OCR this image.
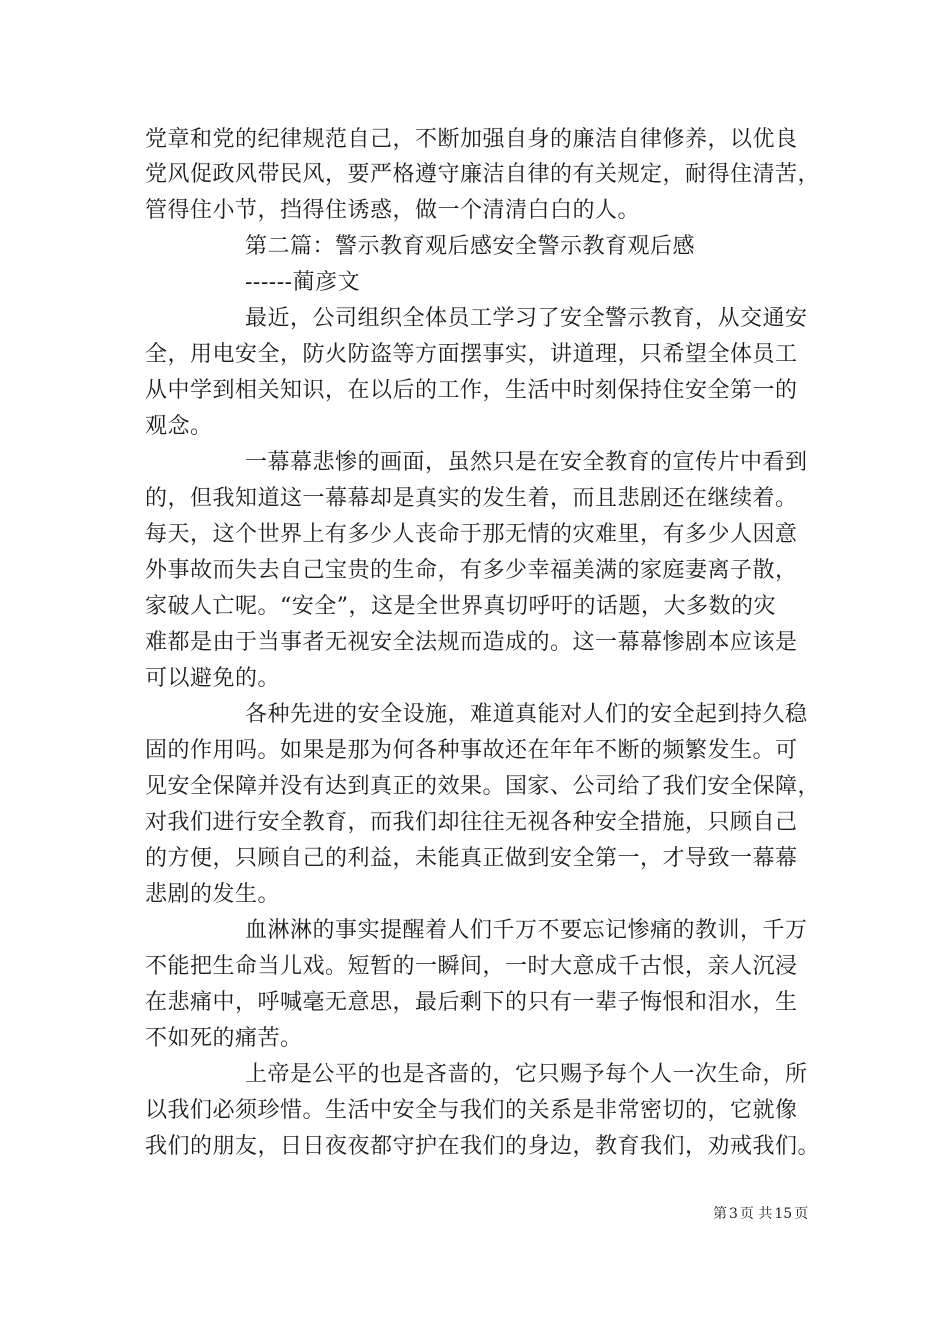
党章和党的纪律规范自己，不断加强自身的廉洁自律修养，以优良
党风促政风带民风，要严格遵守廉洁自律的有关规定，耐得住清苦，
管得住小节，挡得住诱惑，做一个清清白白的人。
第二篇：警示教育观后感安全警示教育观后感
------蔺彦文
最近，公司组织全体员工学习了安全警示教育，从交通安
全，用电安全，防火防盗等方面摆事实，讲道理，只希望全体员工
从中学到相关知识，在以后的工作，生活中时刻保持住安全第一的
观念。
一幕幕悲惨的画面，虽然只是在安全教育的宣传片中看到
的，但我知道这一幕幕却是真实的发生着，而且悲剧还在继续着。
每天，这个世界上有多少人丧命于那无情的灾难里，有多少人因意
外事故而失去自己宝贵的生命，有多少幸福美满的家庭妻离子散，
家破人亡呢。“安全”，这是全世界真切呼吁的话题，大多数的灾
难都是由于当事者无视安全法规而造成的。这一幕幕惨剧本应该是
可以避免的。
各种先进的安全设施，难道真能对人们的安全起到持久稳
固的作用吗。如果是那为何各种事故还在年年不断的频繁发生。可
见安全保障并没有达到真正的效果。国家、公司给了我们安全保障，
对我们进行安全教育，而我们却往往无视各种安全措施，只顾自己
的方便，只顾自己的利益，未能真正做到安全第一，才导致一幕幕
悲剧的发生。
血淋淋的事实提醒着人们千万不要忘记惨痛的教训，千万
不能把生命当儿戏。短暂的一瞬间，一时大意成千古恨，亲人沉浸
在悲痛中，呼喊毫无意思，最后剩下的只有一辈子悔恨和泪水，生
不如死的痛苦。
上帝是公平的也是吝啬的，它只赐予每个人一次生命，所
以我们必须珍惜。生活中安全与我们的关系是非常密切的，它就像
我们的朋友，日日夜夜都守护在我们的身边，教育我们，劝戒我们。
第 3 页 共 15 页
